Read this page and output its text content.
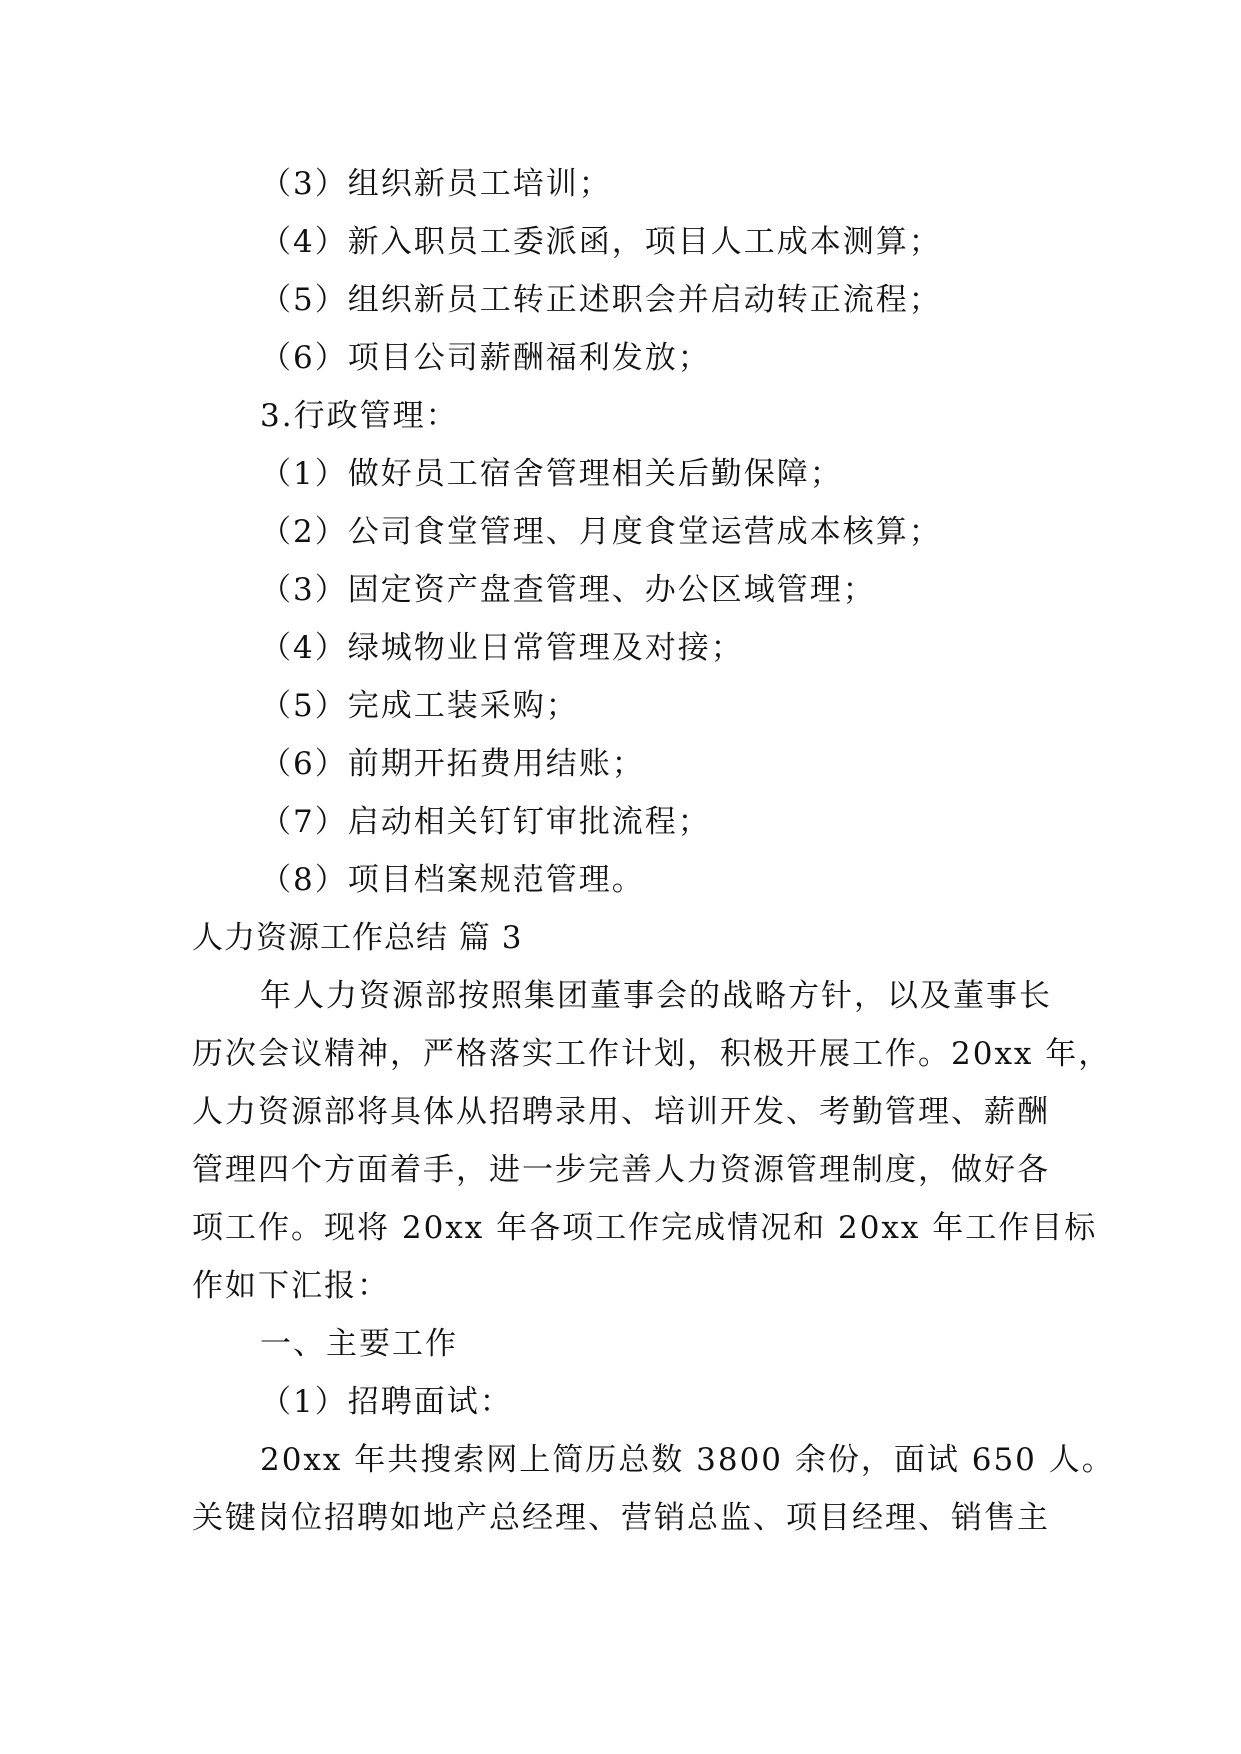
（3）组织新员工培训；
（4）新入职员工委派函，项目人工成本测算；
（5）组织新员工转正述职会并启动转正流程；
（6）项目公司薪酬福利发放；
3.行政管理：
（1）做好员工宿舍管理相关后勤保障；
（2）公司食堂管理、月度食堂运营成本核算；
（3）固定资产盘查管理、办公区域管理；
（4）绿城物业日常管理及对接；
（5）完成工装采购；
（6）前期开拓费用结账；
（7）启动相关钉钉审批流程；
（8）项目档案规范管理。
人力资源工作总结 篇 3
年人力资源部按照集团董事会的战略方针，以及董事长
历次会议精神，严格落实工作计划，积极开展工作。20xx 年，
人力资源部将具体从招聘录用、培训开发、考勤管理、薪酬
管理四个方面着手，进一步完善人力资源管理制度，做好各
项工作。现将 20xx 年各项工作完成情况和 20xx 年工作目标
作如下汇报：
一、主要工作
（1）招聘面试：
20xx 年共搜索网上简历总数 3800 余份，面试 650 人。
关键岗位招聘如地产总经理、营销总监、项目经理、销售主
